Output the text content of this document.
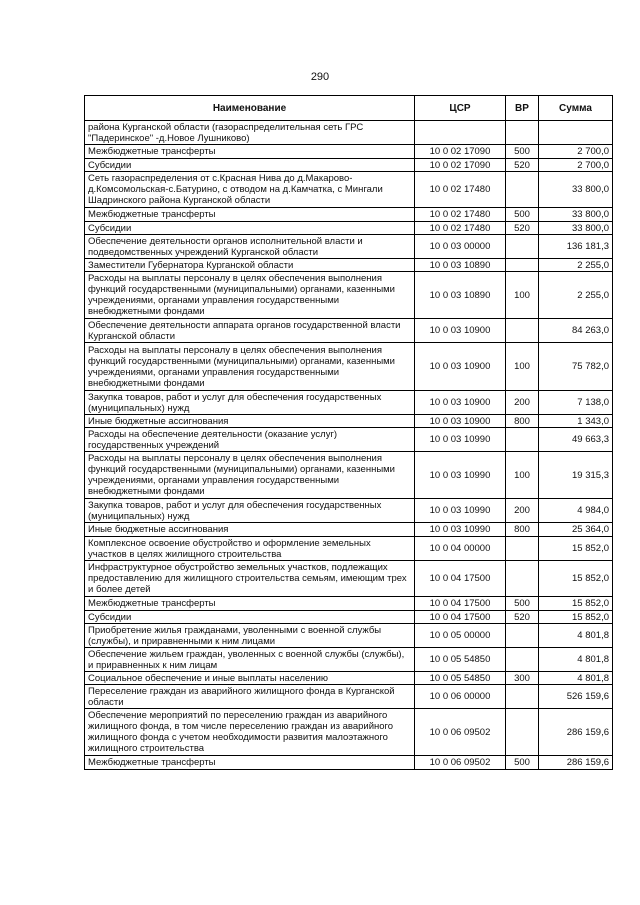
290
Наименование	ЦСР	ВР	Сумма
района Курганской области (газораспределительная сеть ГРС "Падеринское" -д.Новое Лушниково)			
Межбюджетные трансферты	10 0 02 17090	500	2 700,0
Субсидии	10 0 02 17090	520	2 700,0
Сеть газораспределения от с.Красная Нива до д.Макарово-д.Комсомольская-с.Батурино, с отводом на д.Камчатка, с Мингали Шадринского района Курганской области	10 0 02 17480		33 800,0
Межбюджетные трансферты	10 0 02 17480	500	33 800,0
Субсидии	10 0 02 17480	520	33 800,0
Обеспечение деятельности органов исполнительной власти и подведомственных учреждений Курганской области	10 0 03 00000		136 181,3
Заместители Губернатора Курганской области	10 0 03 10890		2 255,0
Расходы на выплаты персоналу в целях обеспечения выполнения функций государственными (муниципальными) органами, казенными учреждениями, органами управления государственными внебюджетными фондами	10 0 03 10890	100	2 255,0
Обеспечение деятельности аппарата органов государственной власти Курганской области	10 0 03 10900		84 263,0
Расходы на выплаты персоналу в целях обеспечения выполнения функций государственными (муниципальными) органами, казенными учреждениями, органами управления государственными внебюджетными фондами	10 0 03 10900	100	75 782,0
Закупка товаров, работ и услуг для обеспечения государственных (муниципальных) нужд	10 0 03 10900	200	7 138,0
Иные бюджетные ассигнования	10 0 03 10900	800	1 343,0
Расходы на обеспечение деятельности (оказание услуг) государственных учреждений	10 0 03 10990		49 663,3
Расходы на выплаты персоналу в целях обеспечения выполнения функций государственными (муниципальными) органами, казенными учреждениями, органами управления государственными внебюджетными фондами	10 0 03 10990	100	19 315,3
Закупка товаров, работ и услуг для обеспечения государственных (муниципальных) нужд	10 0 03 10990	200	4 984,0
Иные бюджетные ассигнования	10 0 03 10990	800	25 364,0
Комплексное освоение обустройство и оформление земельных участков в целях жилищного строительства	10 0 04 00000		15 852,0
Инфраструктурное обустройство земельных участков, подлежащих предоставлению для жилищного строительства семьям, имеющим трех и более детей	10 0 04 17500		15 852,0
Межбюджетные трансферты	10 0 04 17500	500	15 852,0
Субсидии	10 0 04 17500	520	15 852,0
Приобретение жилья гражданами, уволенными с военной службы (службы), и приравненными к ним лицами	10 0 05 00000		4 801,8
Обеспечение жильем граждан, уволенных с военной службы (службы), и приравненных к ним лицам	10 0 05 54850		4 801,8
Социальное обеспечение и иные выплаты населению	10 0 05 54850	300	4 801,8
Переселение граждан из аварийного жилищного фонда в Курганской области	10 0 06 00000		526 159,6
Обеспечение мероприятий по переселению граждан из аварийного жилищного фонда, в том числе переселению граждан из аварийного жилищного фонда с учетом необходимости развития малоэтажного жилищного строительства	10 0 06 09502		286 159,6
Межбюджетные трансферты	10 0 06 09502	500	286 159,6
